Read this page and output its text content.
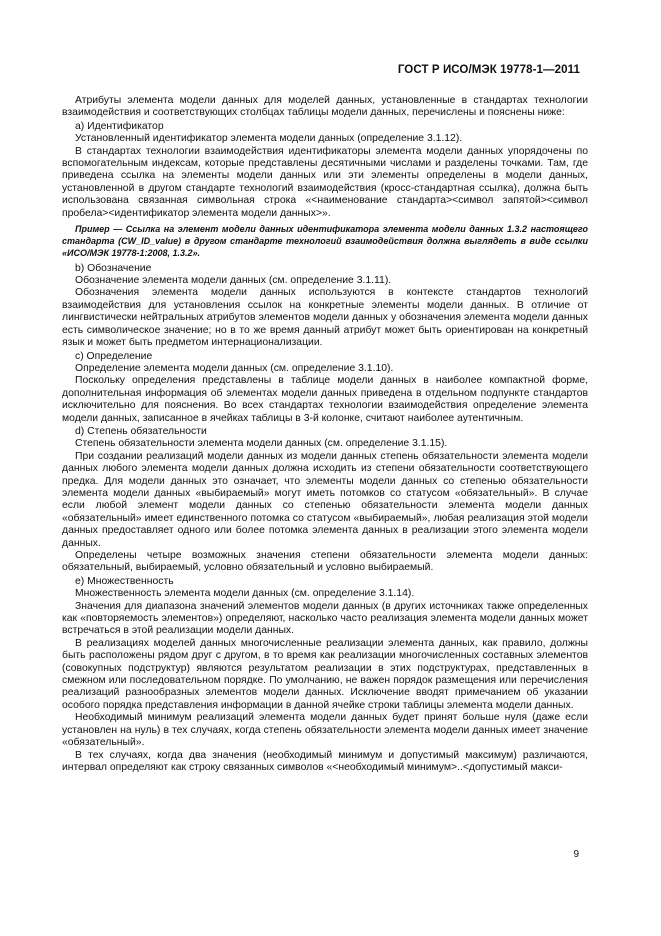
ГОСТ Р ИСО/МЭК 19778-1—2011

Атрибуты элемента модели данных для моделей данных, установленные в стандартах технологии взаимодействия и соответствующих столбцах таблицы модели данных, перечислены и пояснены ниже:

а) Идентификатор

Установленный идентификатор элемента модели данных (определение 3.1.12).

В стандартах технологии взаимодействия идентификаторы элемента модели данных упорядочены по вспомогательным индексам, которые представлены десятичными числами и разделены точками. Там, где приведена ссылка на элементы модели данных или эти элементы определены в модели данных, установленной в другом стандарте технологий взаимодействия (кросс-стандартная ссылка), должна быть использована связанная символьная строка «<наименование стандарта><символ запятой><символ пробела><идентификатор элемента модели данных>».

Пример — Ссылка на элемент модели данных идентификатора элемента модели данных 1.3.2 настоящего стандарта (CW_ID_value) в другом стандарте технологий взаимодействия должна выглядеть в виде ссылки «ИСО/МЭК 19778-1:2008, 1.3.2».

b) Обозначение

Обозначение элемента модели данных (см. определение 3.1.11).

Обозначения элемента модели данных используются в контексте стандартов технологий взаимодействия для установления ссылок на конкретные элементы модели данных. В отличие от лингвистически нейтральных атрибутов элементов модели данных у обозначения элемента модели данных есть символическое значение; но в то же время данный атрибут может быть ориентирован на конкретный язык и может быть предметом интернационализации.

c) Определение

Определение элемента модели данных (см. определение 3.1.10).

Поскольку определения представлены в таблице модели данных в наиболее компактной форме, дополнительная информация об элементах модели данных приведена в отдельном подпункте стандартов исключительно для пояснения. Во всех стандартах технологии взаимодействия определение элемента модели данных, записанное в ячейках таблицы в 3-й колонке, считают наиболее аутентичным.

d) Степень обязательности

Степень обязательности элемента модели данных (см. определение 3.1.15).

При создании реализаций модели данных из модели данных степень обязательности элемента модели данных любого элемента модели данных должна исходить из степени обязательности соответствующего предка. Для модели данных это означает, что элементы модели данных со степенью обязательности элемента модели данных «выбираемый» могут иметь потомков со статусом «обязательный». В случае если любой элемент модели данных со степенью обязательности элемента модели данных «обязательный» имеет единственного потомка со статусом «выбираемый», любая реализация этой модели данных предоставляет одного или более потомка элемента данных в реализации этого элемента модели данных.

Определены четыре возможных значения степени обязательности элемента модели данных: обязательный, выбираемый, условно обязательный и условно выбираемый.

e) Множественность

Множественность элемента модели данных (см. определение 3.1.14).

Значения для диапазона значений элементов модели данных (в других источниках также определенных как «повторяемость элементов») определяют, насколько часто реализация элемента модели данных может встречаться в этой реализации модели данных.

В реализациях моделей данных многочисленные реализации элемента данных, как правило, должны быть расположены рядом друг с другом, в то время как реализации многочисленных составных элементов (совокупных подструктур) являются результатом реализации в этих подструктурах, представленных в смежном или последовательном порядке. По умолчанию, не важен порядок размещения или перечисления реализаций разнообразных элементов модели данных. Исключение вводят примечанием об указании особого порядка представления информации в данной ячейке строки таблицы элемента модели данных.

Необходимый минимум реализаций элемента модели данных будет принят больше нуля (даже если установлен на нуль) в тех случаях, когда степень обязательности элемента модели данных имеет значение «обязательный».

В тех случаях, когда два значения (необходимый минимум и допустимый максимум) различаются, интервал определяют как строку связанных символов «<необходимый минимум>..<допустимый макси-

9
